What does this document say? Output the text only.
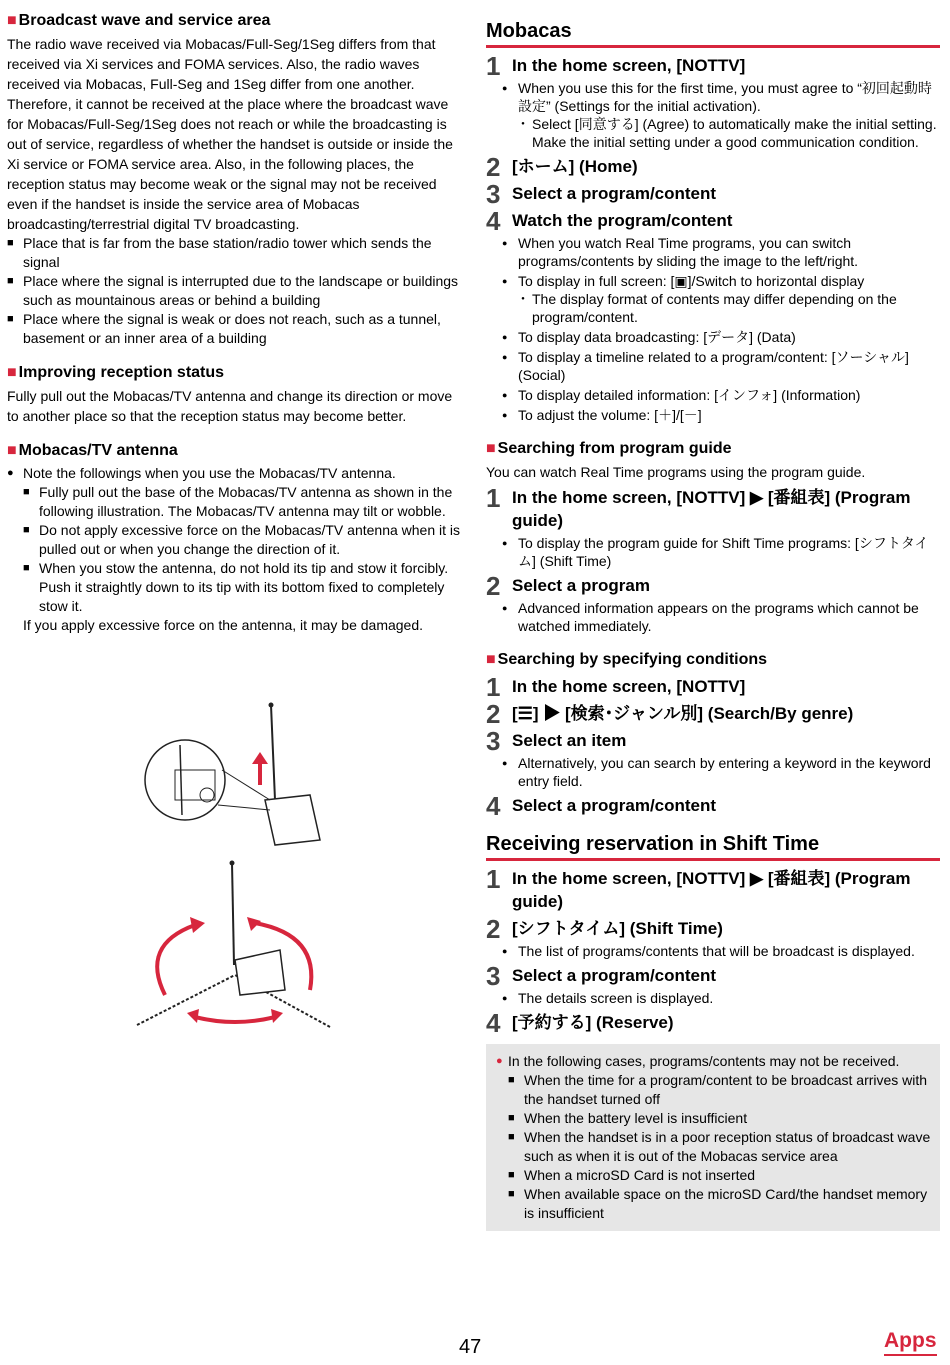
■ Broadcast wave and service area

The radio wave received via Mobacas/Full-Seg/1Seg differs from that received via Xi services and FOMA services. Also, the radio waves received via Mobacas, Full-Seg and 1Seg differ from one another. Therefore, it cannot be received at the place where the broadcast wave for Mobacas/Full-Seg/1Seg does not reach or while the broadcasting is out of service, regardless of whether the handset is outside or inside the Xi service or FOMA service area. Also, in the following places, the reception status may become weak or the signal may not be received even if the handset is inside the service area of Mobacas broadcasting/terrestrial digital TV broadcasting.

■ Place that is far from the base station/radio tower which sends the signal
■ Place where the signal is interrupted due to the landscape or buildings such as mountainous areas or behind a building
■ Place where the signal is weak or does not reach, such as a tunnel, basement or an inner area of a building
■ Improving reception status

Fully pull out the Mobacas/TV antenna and change its direction or move to another place so that the reception status may become better.

■ Mobacas/TV antenna
● Note the followings when you use the Mobacas/TV antenna.
■ Fully pull out the base of the Mobacas/TV antenna as shown in the following illustration. The Mobacas/TV antenna may tilt or wobble.
■ Do not apply excessive force on the Mobacas/TV antenna when it is pulled out or when you change the direction of it.
■ When you stow the antenna, do not hold its tip and stow it forcibly. Push it straightly down to its tip with its bottom fixed to completely stow it.
If you apply excessive force on the antenna, it may be damaged.
Mobacas
1 In the home screen, [NOTTV]
● When you use this for the first time, you must agree to “初回起動時設定” (Settings for the initial activation).
・ Select [同意する] (Agree) to automatically make the initial setting. Make the initial setting under a good communication condition.
2 [ホーム] (Home)
3 Select a program/content
4 Watch the program/content
● When you watch Real Time programs, you can switch programs/contents by sliding the image to the left/right.
● To display in full screen: [▣]/Switch to horizontal display
・ The display format of contents may differ depending on the program/content.
● To display data broadcasting: [データ] (Data)
● To display a timeline related to a program/content: [ソーシャル] (Social)
● To display detailed information: [インフォ] (Information)
● To adjust the volume: [＋]/[－]
■ Searching from program guide

You can watch Real Time programs using the program guide.

1 In the home screen, [NOTTV] ▶ [番組表] (Program guide)
● To display the program guide for Shift Time programs: [シフトタイム] (Shift Time)
2 Select a program
● Advanced information appears on the programs which cannot be watched immediately.
■ Searching by specifying conditions
1 In the home screen, [NOTTV]
2 [☰] ▶ [検索･ジャンル別] (Search/By genre)
3 Select an item
● Alternatively, you can search by entering a keyword in the keyword entry field.
4 Select a program/content
Receiving reservation in Shift Time
1 In the home screen, [NOTTV] ▶ [番組表] (Program guide)
2 [シフトタイム] (Shift Time)
● The list of programs/contents that will be broadcast is displayed.
3 Select a program/content
● The details screen is displayed.
4 [予約する] (Reserve)
● In the following cases, programs/contents may not be received.
■ When the time for a program/content to be broadcast arrives with the handset turned off
■ When the battery level is insufficient
■ When the handset is in a poor reception status of broadcast wave such as when it is out of the Mobacas service area
■ When a microSD Card is not inserted
■ When available space on the microSD Card/the handset memory is insufficient
47	Apps
